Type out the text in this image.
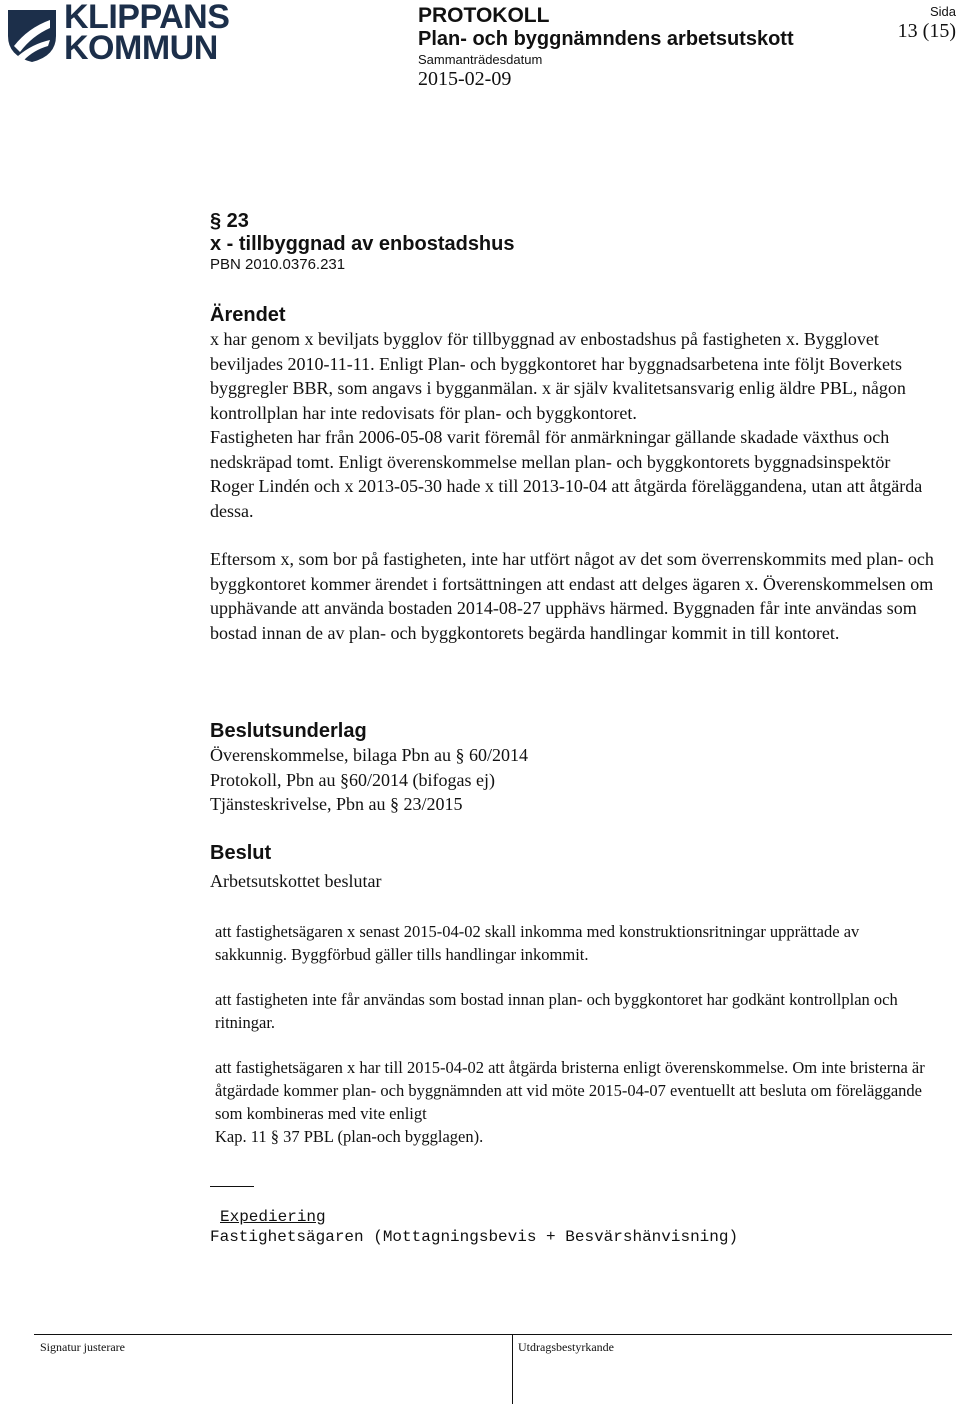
KLIPPANS
KOMMUN
PROTOKOLL
Plan- och byggnämndens arbetsutskott
Sammanträdesdatum
2015-02-09
Sida
13 (15)
§ 23
x - tillbyggnad av enbostadshus
PBN 2010.0376.231
Ärendet

x har genom x beviljats bygglov för tillbyggnad av enbostadshus på fastigheten x. Bygglovet beviljades 2010-11-11. Enligt Plan- och byggkontoret har byggnadsarbetena inte följt Boverkets byggregler BBR, som angavs i bygganmälan. x är själv kvalitetsansvarig enlig äldre PBL, någon kontrollplan har inte redovisats för plan- och byggkontoret.

Fastigheten har från 2006-05-08 varit föremål för anmärkningar gällande skadade växthus och nedskräpad tomt. Enligt överenskommelse mellan plan- och byggkontorets byggnadsinspektör Roger Lindén och x 2013-05-30 hade x till 2013-10-04 att åtgärda föreläggandena, utan att åtgärda dessa.

Eftersom x, som bor på fastigheten, inte har utfört något av det som överrenskommits med plan- och byggkontoret kommer ärendet i fortsättningen att endast att delges ägaren x. Överenskommelsen om upphävande att använda bostaden 2014-08-27 upphävs härmed. Byggnaden får inte användas som bostad innan de av plan- och byggkontorets begärda handlingar kommit in till kontoret.

Beslutsunderlag
Överenskommelse, bilaga Pbn au § 60/2014
Protokoll, Pbn au §60/2014 (bifogas ej)
Tjänsteskrivelse, Pbn au § 23/2015
Beslut
Arbetsutskottet beslutar

att fastighetsägaren x senast 2015-04-02 skall inkomma med konstruktionsritningar upprättade av sakkunnig. Byggförbud gäller tills handlingar inkommit.

att fastigheten inte får användas som bostad innan plan- och byggkontoret har godkänt kontrollplan och ritningar.

att fastighetsägaren x har till 2015-04-02 att åtgärda bristerna enligt överenskommelse. Om inte bristerna är åtgärdade kommer plan- och byggnämnden att vid möte 2015-04-07 eventuellt att besluta om föreläggande som kombineras med vite enligt

Kap. 11 § 37 PBL (plan-och bygglagen).

Expediering
Fastighetsägaren (Mottagningsbevis + Besvärshänvisning)
Signatur justerare	Utdragsbestyrkande
